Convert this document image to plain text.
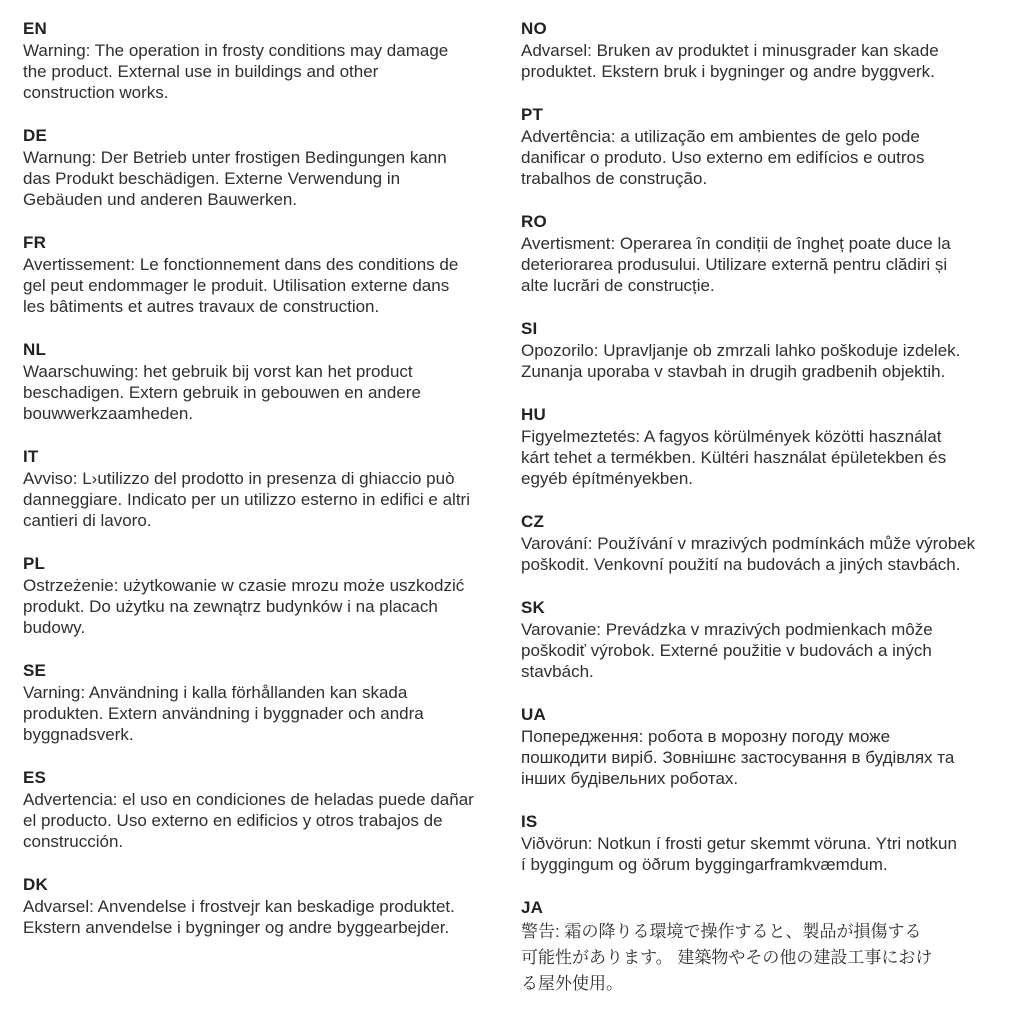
EN

Warning: The operation in frosty conditions may damage
the product. External use in buildings and other
construction works.

DE

Warnung: Der Betrieb unter frostigen Bedingungen kann
das Produkt beschädigen. Externe Verwendung in
Gebäuden und anderen Bauwerken.

FR

Avertissement: Le fonctionnement dans des conditions de
gel peut endommager le produit. Utilisation externe dans
les bâtiments et autres travaux de construction.

NL

Waarschuwing: het gebruik bij vorst kan het product
beschadigen. Extern gebruik in gebouwen en andere
bouwwerkzaamheden.

IT

Avviso: L›utilizzo del prodotto in presenza di ghiaccio può
danneggiare. Indicato per un utilizzo esterno in edifici e altri
cantieri di lavoro.

PL

Ostrzeżenie: użytkowanie w czasie mrozu może uszkodzić
produkt. Do użytku na zewnątrz budynków i na placach
budowy.

SE

Varning: Användning i kalla förhållanden kan skada
produkten. Extern användning i byggnader och andra
byggnadsverk.

ES

Advertencia: el uso en condiciones de heladas puede dañar
el producto. Uso externo en edificios y otros trabajos de
construcción.

DK

Advarsel: Anvendelse i frostvejr kan beskadige produktet.
Ekstern anvendelse i bygninger og andre byggearbejder.

NO

Advarsel: Bruken av produktet i minusgrader kan skade
produktet. Ekstern bruk i bygninger og andre byggverk.

PT

Advertência: a utilização em ambientes de gelo pode
danificar o produto. Uso externo em edifícios e outros
trabalhos de construção.

RO

Avertisment: Operarea în condiții de îngheț poate duce la
deteriorarea produsului. Utilizare externă pentru clădiri și
alte lucrări de construcție.

SI

Opozorilo: Upravljanje ob zmrzali lahko poškoduje izdelek.
Zunanja uporaba v stavbah in drugih gradbenih objektih.

HU

Figyelmeztetés: A fagyos körülmények közötti használat
kárt tehet a termékben. Kültéri használat épületekben és
egyéb építményekben.

CZ

Varování: Používání v mrazivých podmínkách může výrobek
poškodit. Venkovní použití na budovách a jiných stavbách.

SK

Varovanie: Prevádzka v mrazivých podmienkach môže
poškodiť výrobok. Externé použitie v budovách a iných
stavbách.

UA

Попередження: робота в морозну погоду може
пошкодити виріб. Зовнішнє застосування в будівлях та
інших будівельних роботах.

IS

Viðvörun: Notkun í frosti getur skemmt vöruna. Ytri notkun
í byggingum og öðrum byggingarframkvæmdum.

JA

警告: 霜の降りる環境で操作すると、製品が損傷する
可能性があります。 建築物やその他の建設工事におけ
る屋外使用。
